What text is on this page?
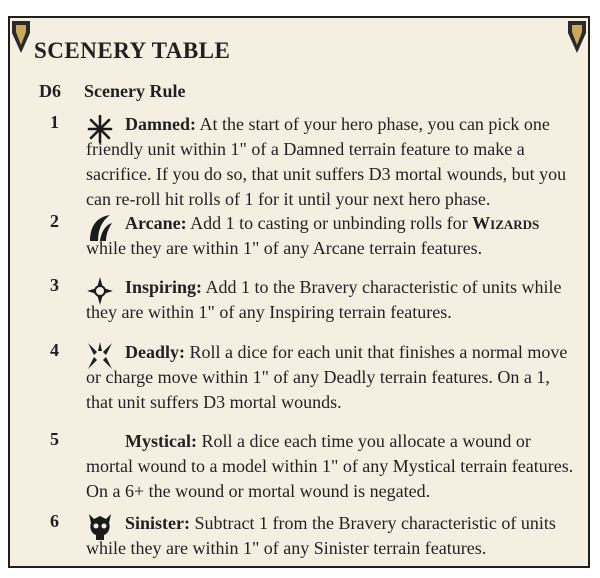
SCENERY TABLE
D6 Scenery Rule
1	Damned: At the start of your hero phase, you can pick one friendly unit within 1" of a Damned terrain feature to make a sacrifice. If you do so, that unit suffers D3 mortal wounds, but you can re-roll hit rolls of 1 for it until your next hero phase.
2	Arcane: Add 1 to casting or unbinding rolls for Wizards while they are within 1" of any Arcane terrain features.
3	Inspiring: Add 1 to the Bravery characteristic of units while they are within 1" of any Inspiring terrain features.
4	Deadly: Roll a dice for each unit that finishes a normal move or charge move within 1" of any Deadly terrain features. On a 1, that unit suffers D3 mortal wounds.
5	Mystical: Roll a dice each time you allocate a wound or mortal wound to a model within 1" of any Mystical terrain features. On a 6+ the wound or mortal wound is negated.
6	Sinister: Subtract 1 from the Bravery characteristic of units while they are within 1" of any Sinister terrain features.
